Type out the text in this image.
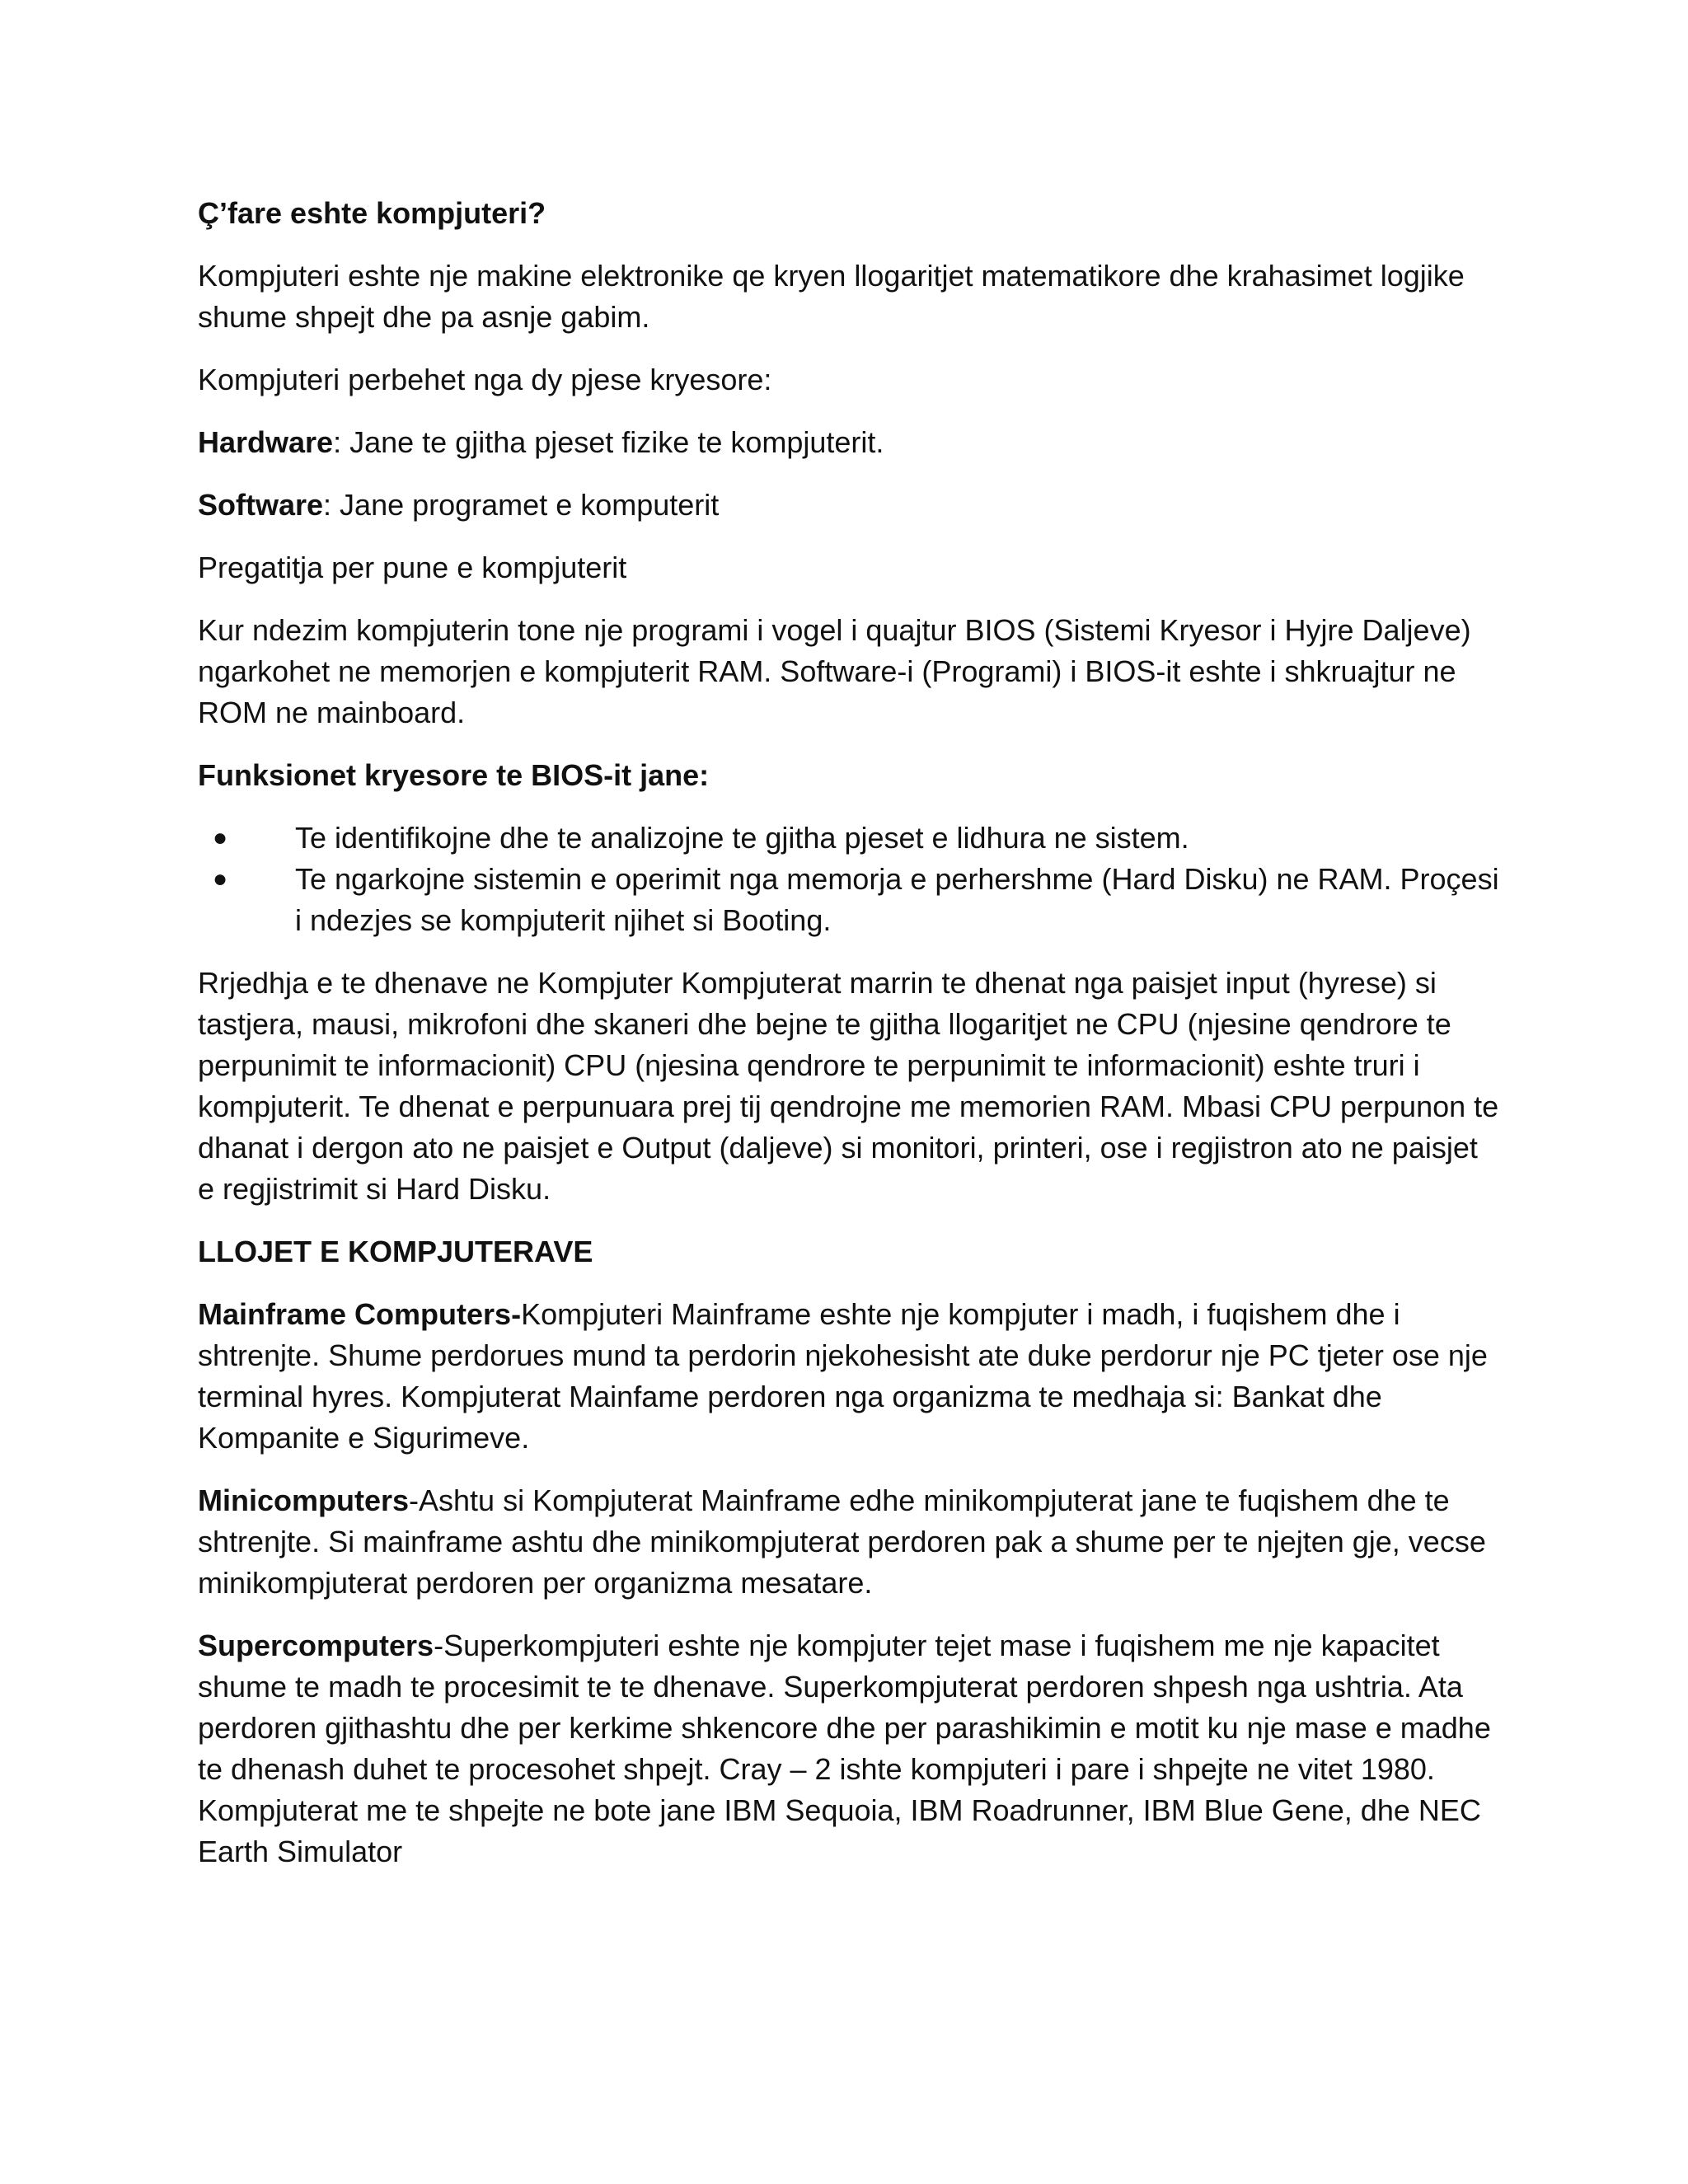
Ç’fare eshte kompjuteri?

Kompjuteri eshte nje makine elektronike qe kryen llogaritjet matematikore dhe krahasimet logjike shume shpejt dhe pa asnje gabim.

Kompjuteri perbehet nga dy pjese kryesore:

Hardware: Jane te gjitha pjeset fizike te kompjuterit.

Software: Jane programet e komputerit

Pregatitja per pune e kompjuterit

Kur ndezim kompjuterin tone nje programi i vogel i quajtur BIOS (Sistemi Kryesor i Hyjre Daljeve) ngarkohet ne memorjen e kompjuterit RAM. Software-i (Programi) i BIOS-it eshte i shkruajtur ne ROM ne mainboard.

Funksionet kryesore te BIOS-it jane:

● Te identifikojne dhe te analizojne te gjitha pjeset e lidhura ne sistem.
● Te ngarkojne sistemin e operimit nga memorja e perhershme (Hard Disku) ne RAM. Proçesi i ndezjes se kompjuterit njihet si Booting.

Rrjedhja e te dhenave ne Kompjuter Kompjuterat marrin te dhenat nga paisjet input (hyrese) si tastjera, mausi, mikrofoni dhe skaneri dhe bejne te gjitha llogaritjet ne CPU (njesine qendrore te perpunimit te informacionit) CPU (njesina qendrore te perpunimit te informacionit) eshte truri i kompjuterit. Te dhenat e perpunuara prej tij qendrojne me memorien RAM. Mbasi CPU perpunon te dhanat i dergon ato ne paisjet e Output (daljeve) si monitori, printeri, ose i regjistron ato ne paisjet e regjistrimit si Hard Disku.

LLOJET E KOMPJUTERAVE

Mainframe Computers-Kompjuteri Mainframe eshte nje kompjuter i madh, i fuqishem dhe i shtrenjte. Shume perdorues mund ta perdorin njekohesisht ate duke perdorur nje PC tjeter ose nje terminal hyres. Kompjuterat Mainfame perdoren nga organizma te medhaja si: Bankat dhe Kompanite e Sigurimeve.

Minicomputers-Ashtu si Kompjuterat Mainframe edhe minikompjuterat jane te fuqishem dhe te shtrenjte. Si mainframe ashtu dhe minikompjuterat perdoren pak a shume per te njejten gje, vecse minikompjuterat perdoren per organizma mesatare.

Supercomputers-Superkompjuteri eshte nje kompjuter tejet mase i fuqishem me nje kapacitet shume te madh te procesimit te te dhenave. Superkompjuterat perdoren shpesh nga ushtria. Ata perdoren gjithashtu dhe per kerkime shkencore dhe per parashikimin e motit ku nje mase e madhe te dhenash duhet te procesohet shpejt. Cray – 2 ishte kompjuteri i pare i shpejte ne vitet 1980. Kompjuterat me te shpejte ne bote jane IBM Sequoia, IBM Roadrunner, IBM Blue Gene, dhe NEC Earth Simulator
